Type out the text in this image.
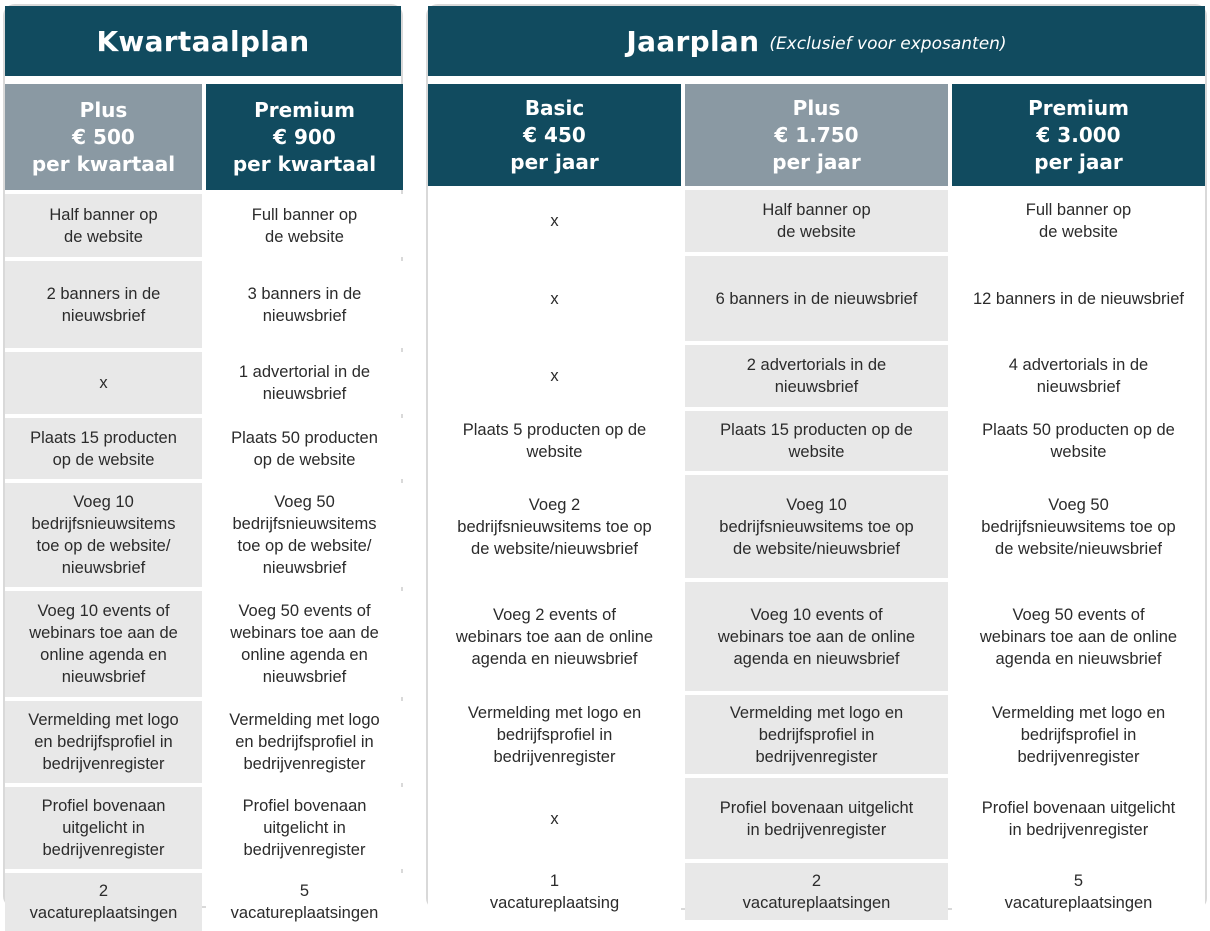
Kwartaalplan
Plus
€ 500
per kwartaal
Premium
€ 900
per kwartaal
Half banner op
de website
Full banner op
de website
2 banners in de
nieuwsbrief
3 banners in de
nieuwsbrief
x
1 advertorial in de
nieuwsbrief
Plaats 15 producten
op de website
Plaats 50 producten
op de website
Voeg 10
bedrijfsnieuwsitems
toe op de website/
nieuwsbrief
Voeg 50
bedrijfsnieuwsitems
toe op de website/
nieuwsbrief
Voeg 10 events of
webinars toe aan de
online agenda en
nieuwsbrief
Voeg 50 events of
webinars toe aan de
online agenda en
nieuwsbrief
Vermelding met logo
en bedrijfsprofiel in
bedrijvenregister
Vermelding met logo
en bedrijfsprofiel in
bedrijvenregister
Profiel bovenaan
uitgelicht in
bedrijvenregister
Profiel bovenaan
uitgelicht in
bedrijvenregister
2
vacatureplaatsingen
5
vacatureplaatsingen
Jaarplan (Exclusief voor exposanten)
Basic
€ 450
per jaar
Plus
€ 1.750
per jaar
Premium
€ 3.000
per jaar
x
Half banner op
de website
Full banner op
de website
x	6 banners in de nieuwsbrief	12 banners in de nieuwsbrief
x
2 advertorials in de
nieuwsbrief
4 advertorials in de
nieuwsbrief
Plaats 5 producten op de
website
Plaats 15 producten op de
website
Plaats 50 producten op de
website
Voeg 2
bedrijfsnieuwsitems toe op
de website/nieuwsbrief
Voeg 10
bedrijfsnieuwsitems toe op
de website/nieuwsbrief
Voeg 50
bedrijfsnieuwsitems toe op
de website/nieuwsbrief
Voeg 2 events of
webinars toe aan de online
agenda en nieuwsbrief
Voeg 10 events of
webinars toe aan de online
agenda en nieuwsbrief
Voeg 50 events of
webinars toe aan de online
agenda en nieuwsbrief
Vermelding met logo en
bedrijfsprofiel in
bedrijvenregister
Vermelding met logo en
bedrijfsprofiel in
bedrijvenregister
Vermelding met logo en
bedrijfsprofiel in
bedrijvenregister
x
Profiel bovenaan uitgelicht
in bedrijvenregister
Profiel bovenaan uitgelicht
in bedrijvenregister
1
vacatureplaatsing
2
vacatureplaatsingen
5
vacatureplaatsingen
